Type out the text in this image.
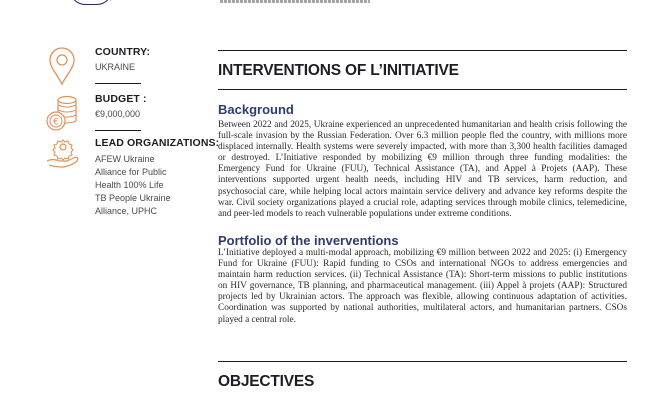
COUNTRY:
UKRAINE
€
BUDGET :
€9,000,000
LEAD ORGANIZATIONS:
AFEW Ukraine
Alliance for Public
Health 100% Life
TB People Ukraine
Alliance, UPHC
INTERVENTIONS OF L’INITIATIVE
Background
Between 2022 and 2025, Ukraine experienced an unprecedented humanitarian and health crisis following the full-scale invasion by the Russian Federation. Over 6.3 million people fled the country, with millions more displaced internally. Health systems were severely impacted, with more than 3,300 health facilities damaged or destroyed. L’Initiative responded by mobilizing €9 million through three funding modalities: the Emergency Fund for Ukraine (FUU), Technical Assistance (TA), and Appel à Projets (AAP). These interventions supported urgent health needs, including HIV and TB services, harm reduction, and psychosocial care, while helping local actors maintain service delivery and advance key reforms despite the war. Civil society organizations played a crucial role, adapting services through mobile clinics, telemedicine, and peer-led models to reach vulnerable populations under extreme conditions.
Portfolio of the inverventions
L’Initiative deployed a multi-modal approach, mobilizing €9 million between 2022 and 2025: (i) Emergency Fund for Ukraine (FUU): Rapid funding to CSOs and international NGOs to address emergencies and maintain harm reduction services. (ii) Technical Assistance (TA): Short-term missions to public institutions on HIV governance, TB planning, and pharmaceutical management. (iii) Appel à projets (AAP): Structured projects led by Ukrainian actors. The approach was flexible, allowing continuous adaptation of activities. Coordination was supported by national authorities, multilateral actors, and humanitarian partners. CSOs played a central role.
OBJECTIVES
